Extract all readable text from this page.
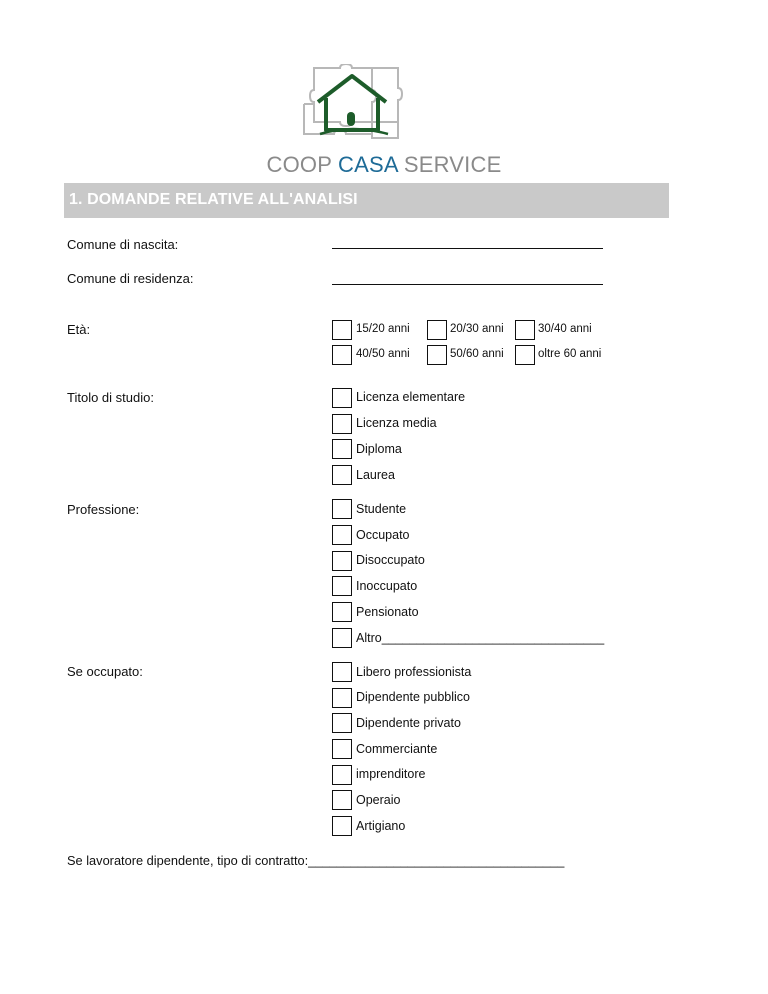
COOP CASA SERVICE
1. DOMANDE RELATIVE ALL'ANALISI
Comune di nascita:
Comune di residenza:
Età:	15/20 anni	20/30 anni	30/40 anni
40/50 anni	50/60 anni	oltre 60 anni
Titolo di studio:	Licenza elementare
Licenza media
Diploma
Laurea
Professione:	Studente
Occupato
Disoccupato
Inoccupato
Pensionato
Altro________________________________
Se occupato:	Libero professionista
Dipendente pubblico
Dipendente privato
Commerciante
imprenditore
Operaio
Artigiano
Se lavoratore dipendente, tipo di contratto:____________________________________
